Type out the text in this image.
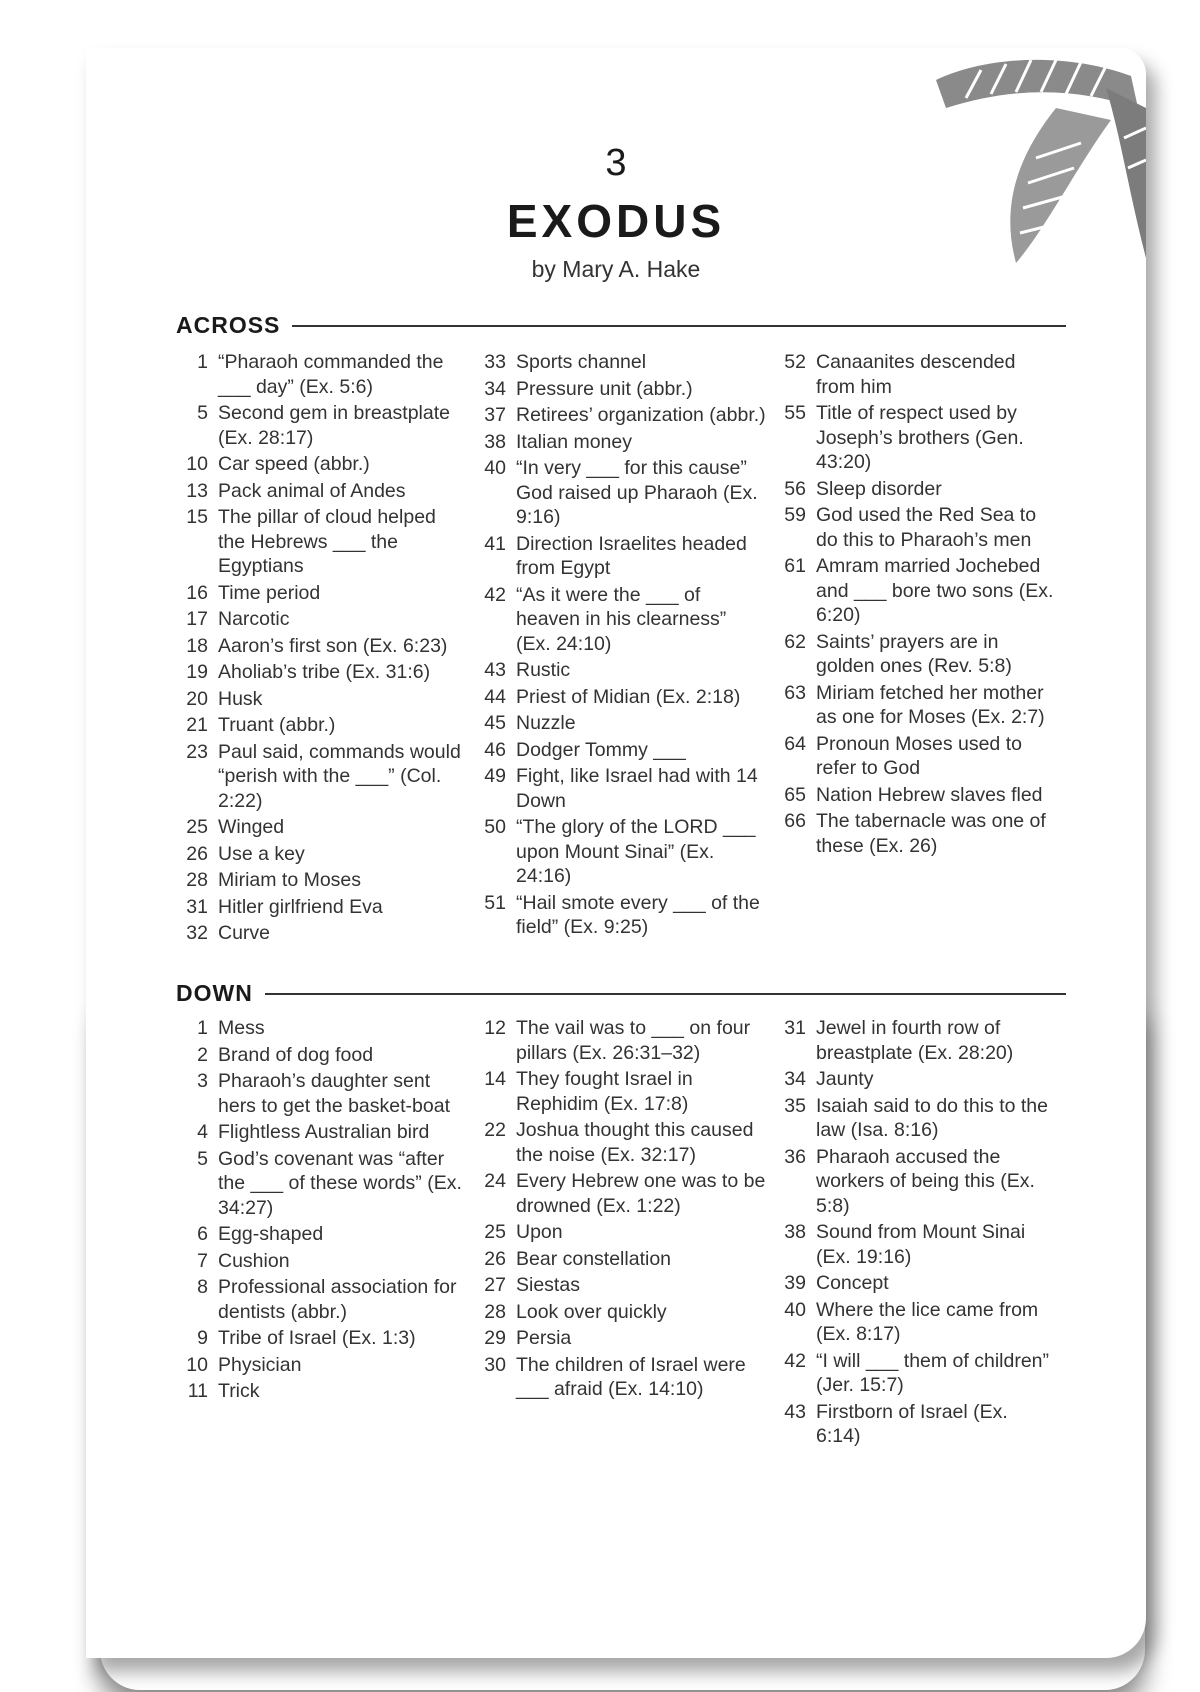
3
EXODUS
by Mary A. Hake
ACROSS
1 “Pharaoh commanded the ___ day” (Ex. 5:6)
5 Second gem in breastplate (Ex. 28:17)
10 Car speed (abbr.)
13 Pack animal of Andes
15 The pillar of cloud helped the Hebrews ___ the Egyptians
16 Time period
17 Narcotic
18 Aaron’s first son (Ex. 6:23)
19 Aholiab’s tribe (Ex. 31:6)
20 Husk
21 Truant (abbr.)
23 Paul said, commands would “perish with the ___” (Col. 2:22)
25 Winged
26 Use a key
28 Miriam to Moses
31 Hitler girlfriend Eva
32 Curve
33 Sports channel
34 Pressure unit (abbr.)
37 Retirees’ organization (abbr.)
38 Italian money
40 “In very ___ for this cause” God raised up Pharaoh (Ex. 9:16)
41 Direction Israelites headed from Egypt
42 “As it were the ___ of heaven in his clearness” (Ex. 24:10)
43 Rustic
44 Priest of Midian (Ex. 2:18)
45 Nuzzle
46 Dodger Tommy ___
49 Fight, like Israel had with 14 Down
50 “The glory of the LORD ___ upon Mount Sinai” (Ex. 24:16)
51 “Hail smote every ___ of the field” (Ex. 9:25)
52 Canaanites descended from him
55 Title of respect used by Joseph’s brothers (Gen. 43:20)
56 Sleep disorder
59 God used the Red Sea to do this to Pharaoh’s men
61 Amram married Jochebed and ___ bore two sons (Ex. 6:20)
62 Saints’ prayers are in golden ones (Rev. 5:8)
63 Miriam fetched her mother as one for Moses (Ex. 2:7)
64 Pronoun Moses used to refer to God
65 Nation Hebrew slaves fled
66 The tabernacle was one of these (Ex. 26)
DOWN
1 Mess
2 Brand of dog food
3 Pharaoh’s daughter sent hers to get the basket-boat
4 Flightless Australian bird
5 God’s covenant was “after the ___ of these words” (Ex. 34:27)
6 Egg-shaped
7 Cushion
8 Professional association for dentists (abbr.)
9 Tribe of Israel (Ex. 1:3)
10 Physician
11 Trick
12 The vail was to ___ on four pillars (Ex. 26:31–32)
14 They fought Israel in Rephidim (Ex. 17:8)
22 Joshua thought this caused the noise (Ex. 32:17)
24 Every Hebrew one was to be drowned (Ex. 1:22)
25 Upon
26 Bear constellation
27 Siestas
28 Look over quickly
29 Persia
30 The children of Israel were ___ afraid (Ex. 14:10)
31 Jewel in fourth row of breastplate (Ex. 28:20)
34 Jaunty
35 Isaiah said to do this to the law (Isa. 8:16)
36 Pharaoh accused the workers of being this (Ex. 5:8)
38 Sound from Mount Sinai (Ex. 19:16)
39 Concept
40 Where the lice came from (Ex. 8:17)
42 “I will ___ them of children” (Jer. 15:7)
43 Firstborn of Israel (Ex. 6:14)
